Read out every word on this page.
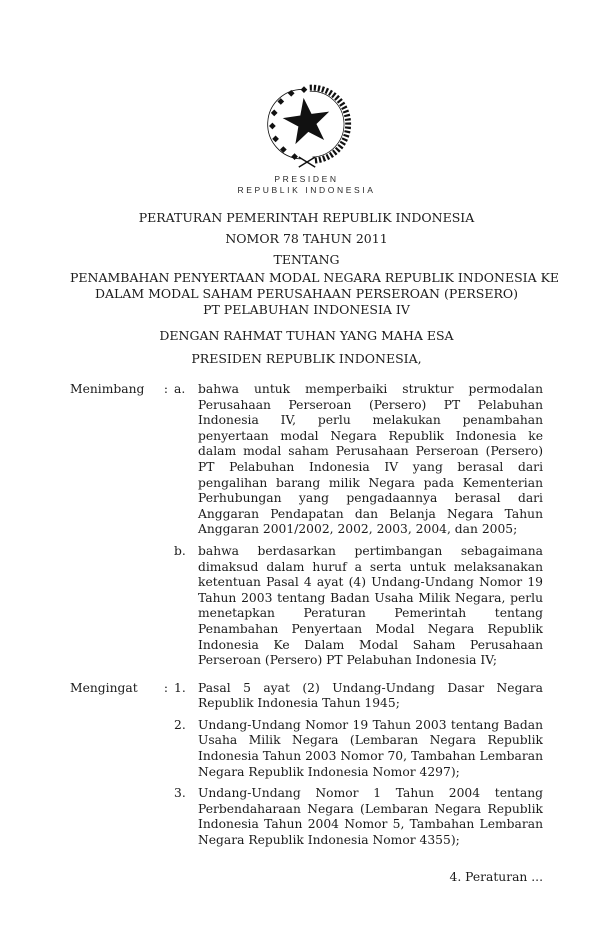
PRESIDEN
REPUBLIK INDONESIA
PERATURAN PEMERINTAH REPUBLIK INDONESIA
NOMOR 78 TAHUN 2011
TENTANG
PENAMBAHAN PENYERTAAN MODAL NEGARA REPUBLIK INDONESIA KE
DALAM MODAL SAHAM PERUSAHAAN PERSEROAN (PERSERO)
PT PELABUHAN INDONESIA IV
DENGAN RAHMAT TUHAN YANG MAHA ESA
PRESIDEN REPUBLIK INDONESIA,
Menimbang	: a.	bahwa untuk memperbaiki struktur permodalan Perusahaan Perseroan (Persero) PT Pelabuhan Indonesia IV, perlu melakukan penambahan penyertaan modal Negara Republik Indonesia ke dalam modal saham Perusahaan Perseroan (Persero) PT Pelabuhan Indonesia IV yang berasal dari pengalihan barang milik Negara pada Kementerian Perhubungan yang pengadaannya berasal dari Anggaran Pendapatan dan Belanja Negara Tahun Anggaran 2001/2002, 2002, 2003, 2004, dan 2005;
b. bahwa berdasarkan pertimbangan sebagaimana dimaksud dalam huruf a serta untuk melaksanakan ketentuan Pasal 4 ayat (4) Undang-Undang Nomor 19 Tahun 2003 tentang Badan Usaha Milik Negara, perlu menetapkan Peraturan Pemerintah tentang Penambahan Penyertaan Modal Negara Republik Indonesia Ke Dalam Modal Saham Perusahaan Perseroan (Persero) PT Pelabuhan Indonesia IV;
Mengingat	: 1. Pasal 5 ayat (2) Undang-Undang Dasar Negara Republik Indonesia Tahun 1945;
2. Undang-Undang Nomor 19 Tahun 2003 tentang Badan Usaha Milik Negara (Lembaran Negara Republik Indonesia Tahun 2003 Nomor 70, Tambahan Lembaran Negara Republik Indonesia Nomor 4297);
3. Undang-Undang Nomor 1 Tahun 2004 tentang Perbendaharaan Negara (Lembaran Negara Republik Indonesia Tahun 2004 Nomor 5, Tambahan Lembaran Negara Republik Indonesia Nomor 4355);
4. Peraturan ...
